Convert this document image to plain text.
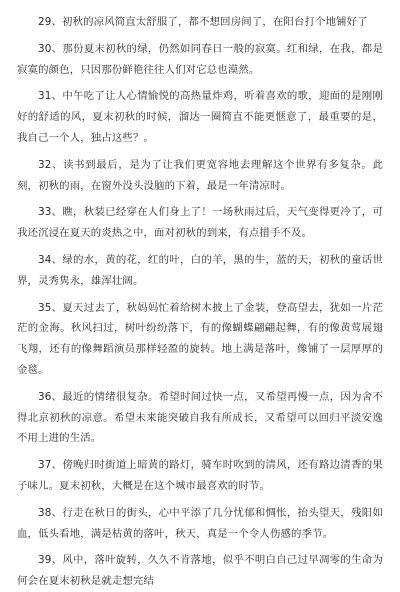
29、初秋的凉风简直太舒服了，都不想回房间了，在阳台打个地铺好了

30、那份夏末初秋的绿，仍然如同春日一般的寂寞。红和绿，在我，都是寂寞的颜色，只因那份鲜艳往往人们对它总也漠然。

31、中午吃了让人心情愉悦的高热量炸鸡，听着喜欢的歌，迎面的是刚刚好的舒适的风，夏末初秋的时候，溜达一圈简直不能更惬意了，最重要的是，我自己一个人，独占这些？。

32、读书到最后，是为了让我们更宽容地去理解这个世界有多复杂。此刻，初秋的雨，在窗外没头没脑的下着，最是一年清凉时。

33、瞧，秋装已经穿在人们身上了！一场秋雨过后，天气变得更冷了，可我还沉浸在夏天的炎热之中，面对初秋的到来，有点措手不及。

34、绿的水，黄的花，红的叶，白的羊，黑的牛，蓝的天，初秋的童话世界，灵秀隽永，雄浑壮阔。

35、夏天过去了，秋妈妈忙着给树木披上了金装，登高望去，犹如一片茫茫的金海。秋风扫过，树叶纷纷落下，有的像蝴蝶翩翩起舞，有的像黄莺展翅飞翔，还有的像舞蹈演员那样轻盈的旋转。地上满是落叶，像铺了一层厚厚的金毯。

36、最近的情绪很复杂。希望时间过快一点，又希望再慢一点，因为舍不得北京初秋的凉意。希望未来能突破自我有所成长，又希望可以回归平淡安逸不用上进的生活。

37、傍晚归时街道上暗黄的路灯，骑车时吹到的清风，还有路边清香的果子味儿。夏末初秋，大概是在这个城市最喜欢的时节。

38、行走在秋日的街头，心中平添了几分忧郁和惆怅，抬头望天，残阳如血，低头看地，满是枯黄的落叶，秋天，真是一个令人伤感的季节。

39、风中，落叶旋转，久久不肯落地，似乎不明白自己过早凋零的生命为何会在夏末初秋是就走想完结
